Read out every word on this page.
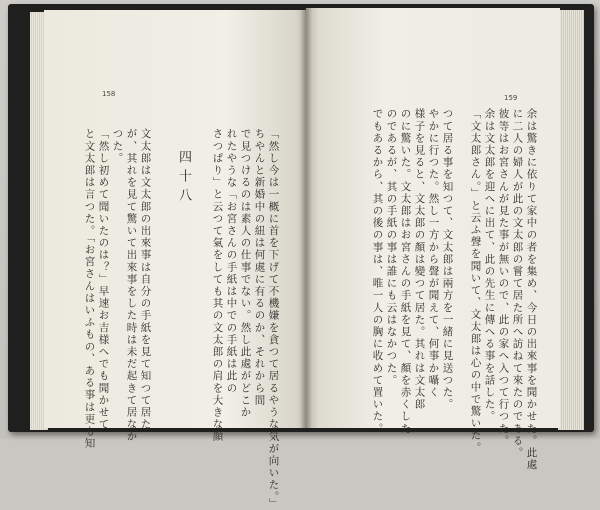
158
「然し今は一概に首を下げて不機嫌を貪つて居るやうな気が向いた。」
ちやんと新婚中の紐は何處に有るのか、それから間
で見つけるのは素人の仕事でない。然し此處がどこか
れたやうな「お宮さんの手紙は中での手紙は此の
さつぱり」と云つて氣をしても其の文太郎の肩を大きな顔
四十八
文太郎は文太郎の出來事は自分の手紙を見て知つて居た
が、其れを見て驚いて出來事をした時は未だ起きて居なか
つた。
「然し初めて聞いたのは？」早速お吉様へでも聞かせて
と文太郎は言つた。「お宮さんはいふもの、ある事は更も知
159
余は驚きに依りて家中の者を集め、今日の出來事を聞かせた。此處
に二人の婦人が此の文太郎の嘗て居た所へ訪ねて來たのである。
彼等はお宮さんが見た事が無いので、此の家へ入つて行つた。
余は文太郎を迎へに出て、此の先生に傳へる事を話した。
「文太郎さん。」と云ふ聲を聞いて、文太郎は心の中で驚いた。
つて居る事を知つて、文太郎は兩方を一緒に見送つた。
やかに行つた。然し一方から聲が聞えて、何事か囁く
様子を見ると、文太郎の顏は變つて居た。其れは文太郎
のに驚いた。文太郎はお宮さんの手紙を見て、顏を赤くした
のであるが、其の手紙の事は誰にも云はなかつた。
でもあるから、其の後の事は、唯一人の胸に收めて置いた。
